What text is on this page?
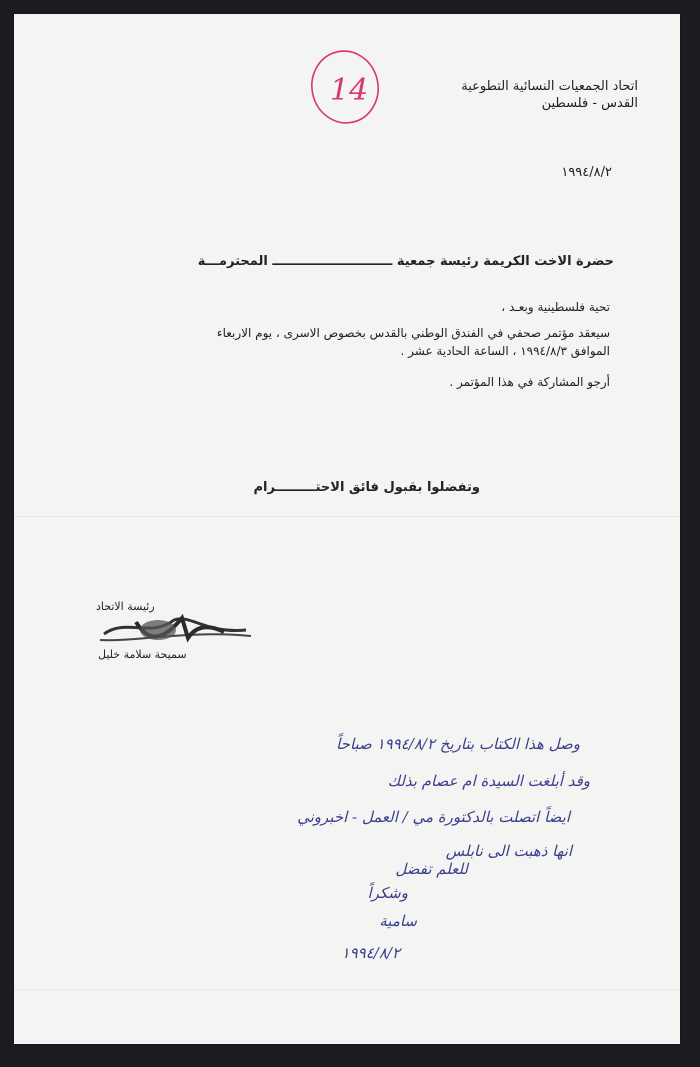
14	اتحاد الجمعيات النسائية التطوعية
القدس - فلسطين
١٩٩٤/٨/٢
حضرة الاخت الكريمة رئيسة جمعية ـــــــــــــــــــــــــــ المحترمـــة
تحية فلسطينية وبعـد ،
سيعقد مؤتمر صحفي في الفندق الوطني بالقدس بخصوص الاسرى ، يوم الاربعاء
الموافق ١٩٩٤/٨/٣ ، الساعة الحادية عشر .
أرجو المشاركة في هذا المؤتمر .
وتفضلوا بقبول فائق الاحتـــــــــرام
رئيسة الاتحاد
سميحة سلامة خليل
وصل هذا الكتاب بتاريخ ١٩٩٤/٨/٢ صباحاً
وقد أبلغت السيدة ام عصام بذلك
ايضاً اتصلت بالدكتورة مي / العمل - اخبروني
انها ذهبت الى نابلس
للعلم تفضل
وشكراً
سامية
١٩٩٤/٨/٢
